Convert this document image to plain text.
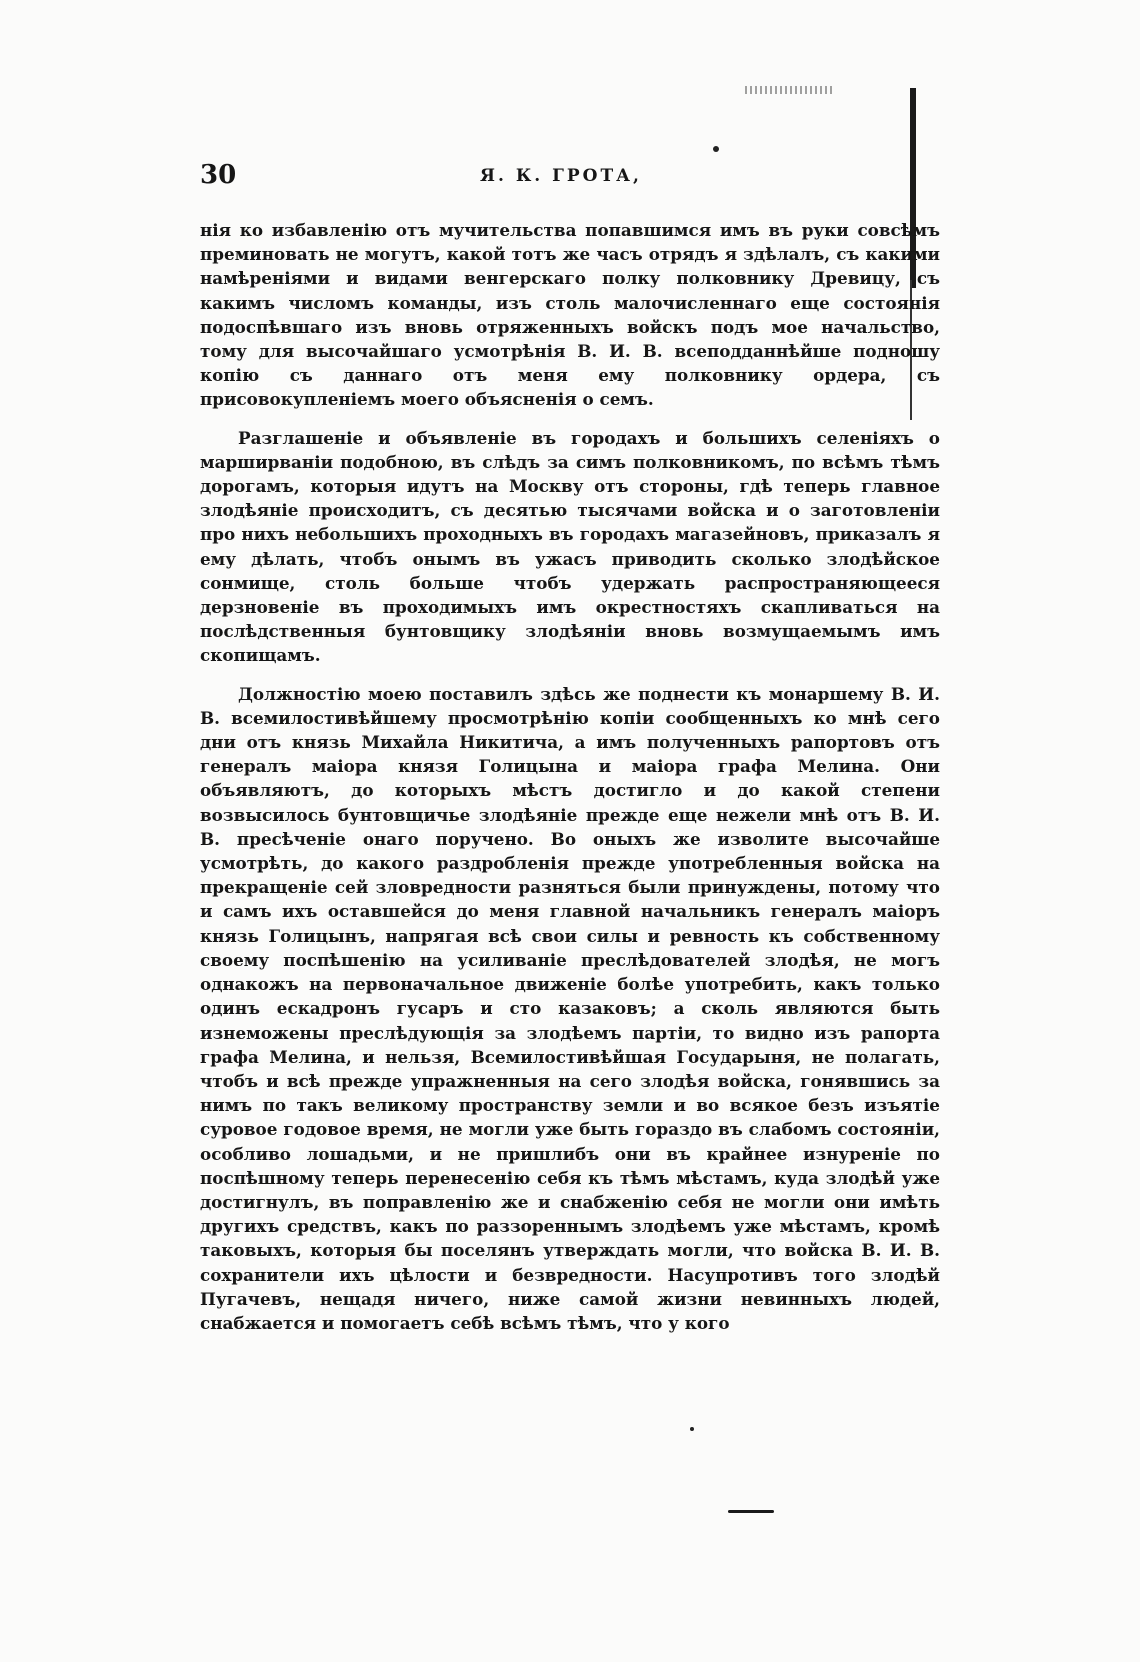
30	Я. К. ГРОТА,

нія ко избавленію отъ мучительства попавшимся имъ въ руки совсѣмъ преминовать не могутъ, какой тотъ же часъ отрядъ я здѣлалъ, съ какими намѣреніями и видами венгерскаго полку полковнику Древицу, съ какимъ числомъ команды, изъ столь малочисленнаго еще состоянія подоспѣвшаго изъ вновь отряженныхъ войскъ подъ мое начальство, тому для высочайшаго усмотрѣнія В. И. В. всеподданнѣйше подношу копію съ даннаго отъ меня ему полковнику ордера, съ присовокупленіемъ моего объясненія о семъ.

Разглашеніе и объявленіе въ городахъ и большихъ селеніяхъ о марширваніи подобною, въ слѣдъ за симъ полковникомъ, по всѣмъ тѣмъ дорогамъ, которыя идутъ на Москву отъ стороны, гдѣ теперь главное злодѣяніе происходитъ, съ десятью тысячами войска и о заготовленіи про нихъ небольшихъ проходныхъ въ городахъ магазейновъ, приказалъ я ему дѣлать, чтобъ онымъ въ ужасъ приводить сколько злодѣйское сонмище, столь больше чтобъ удержать распространяющееся дерзновеніе въ проходимыхъ имъ окрестностяхъ скапливаться на послѣдственныя бунтовщику злодѣяніи вновь возмущаемымъ имъ скопищамъ.

Должностію моею поставилъ здѣсь же поднести къ монаршему В. И. В. всемилостивѣйшему просмотрѣнію копіи сообщенныхъ ко мнѣ сего дни отъ князь Михайла Никитича, а имъ полученныхъ рапортовъ отъ генералъ маіора князя Голицына и маіора графа Мелина. Они объявляютъ, до которыхъ мѣстъ достигло и до какой степени возвысилось бунтовщичье злодѣяніе прежде еще нежели мнѣ отъ В. И. В. пресѣченіе онаго поручено. Во оныхъ же изволите высочайше усмотрѣть, до какого раздробленія прежде употребленныя войска на прекращеніе сей зловредности разняться были принуждены, потому что и самъ ихъ оставшейся до меня главной начальникъ генералъ маіоръ князь Голицынъ, напрягая всѣ свои силы и ревность къ собственному своему поспѣшенію на усиливаніе преслѣдователей злодѣя, не могъ однакожъ на первоначальное движеніе болѣе употребить, какъ только одинъ ескадронъ гусаръ и сто казаковъ; а сколь являются быть изнеможены преслѣдующія за злодѣемъ партіи, то видно изъ рапорта графа Мелина, и нельзя, Всемилостивѣйшая Государыня, не полагать, чтобъ и всѣ прежде упражненныя на сего злодѣя войска, гонявшись за нимъ по такъ великому пространству земли и во всякое безъ изъятіе суровое годовое время, не могли уже быть гораздо въ слабомъ состояніи, особливо лошадьми, и не пришлибъ они въ крайнее изнуреніе по поспѣшному теперь перенесенію себя къ тѣмъ мѣстамъ, куда злодѣй уже достигнулъ, въ поправленію же и снабженію себя не могли они имѣть другихъ средствъ, какъ по раззореннымъ злодѣемъ уже мѣстамъ, кромѣ таковыхъ, которыя бы поселянъ утверждать могли, что войска В. И. В. сохранители ихъ цѣлости и безвредности. Насупротивъ того злодѣй Пугачевъ, нещадя ничего, ниже самой жизни невинныхъ людей, снабжается и помогаетъ себѣ всѣмъ тѣмъ, что у кого
